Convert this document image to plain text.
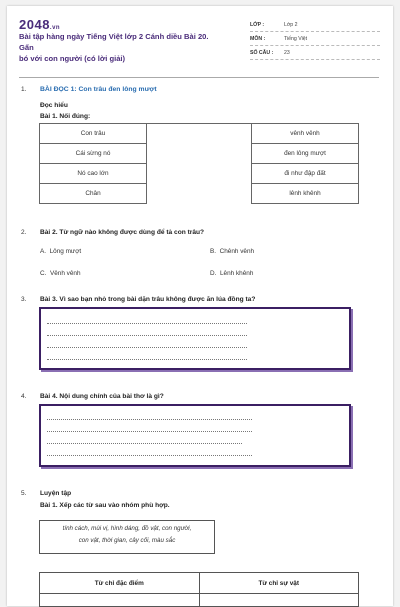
2048.vn
Bài tập hàng ngày Tiếng Việt lớp 2 Cánh diều Bài 20. Gấn
bó với con người (có lời giải)
LỚP :	Lớp 2
MÔN :	Tiếng Việt
SỐ CÂU : 23
1. BÀI ĐỌC 1: Con trâu đen lông mượt
Đọc hiểu
Bài 1. Nối đúng:
Con trâu		vênh vênh
Cái sừng nó		đen lông mượt
Nó cao lớn		đi như đập đất
Chân		lênh khênh
2. Bài 2. Từ ngữ nào không được dùng để tả con trâu?
A. Lông mượt	B. Chênh vênh
C. Vênh vênh	D. Lênh khênh
3. Bài 3. Vì sao bạn nhỏ trong bài dặn trâu không được ăn lúa đồng ta?
4. Bài 4. Nội dung chính của bài thơ là gì?
5. Luyện tập
Bài 1. Xếp các từ sau vào nhóm phù hợp.
tính cách, mùi vị, hình dáng, đồ vật, con người,
con vật, thời gian, cây cối, màu sắc
Từ chỉ đặc điểm	Từ chỉ sự vật
